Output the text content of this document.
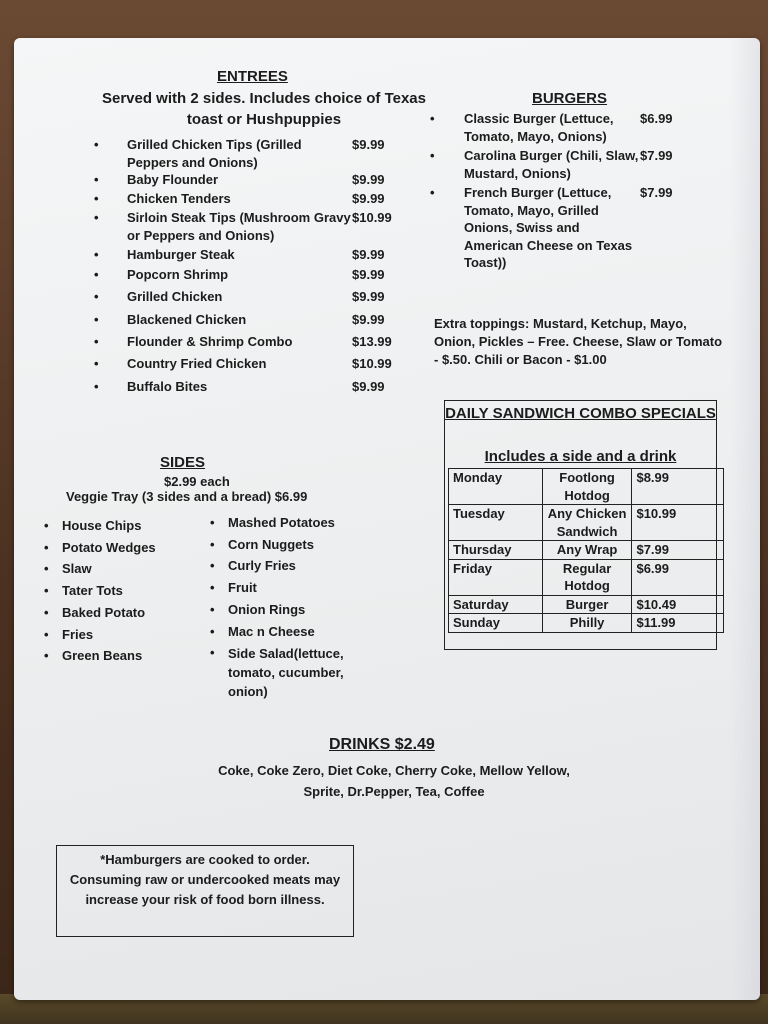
ENTREES
Served with 2 sides. Includes choice of Texas toast or Hushpuppies
•	Grilled Chicken Tips (Grilled Peppers and Onions)
$9.99
•	Baby Flounder	$9.99
•	Chicken Tenders	$9.99
•	Sirloin Steak Tips (Mushroom Gravy or Peppers and Onions)
$10.99
•	Hamburger Steak	$9.99
•	Popcorn Shrimp	$9.99
•	Grilled Chicken	$9.99
•	Blackened Chicken	$9.99
•	Flounder & Shrimp Combo	$13.99
•	Country Fried Chicken	$10.99
•	Buffalo Bites	$9.99
BURGERS
•	Classic Burger (Lettuce, Tomato, Mayo, Onions)
$6.99
•	Carolina Burger (Chili, Slaw, Mustard, Onions)
$7.99
•	French Burger (Lettuce, Tomato, Mayo, Grilled Onions, Swiss and American Cheese on Texas Toast))
$7.99
Extra toppings: Mustard, Ketchup, Mayo, Onion, Pickles – Free. Cheese, Slaw or Tomato - $.50. Chili or Bacon - $1.00
DAILY SANDWICH COMBO SPECIALS
Includes a side and a drink
Monday	Footlong Hotdog	$8.99
Tuesday	Any Chicken Sandwich	$10.99
Thursday	Any Wrap	$7.99
Friday	Regular Hotdog	$6.99
Saturday	Burger	$10.49
Sunday	Philly	$11.99
SIDES
$2.99 each
Veggie Tray (3 sides and a bread) $6.99
•	House Chips
•	Potato Wedges
•	Slaw
•	Tater Tots
•	Baked Potato
•	Fries
•	Green Beans
•	Mashed Potatoes
•	Corn Nuggets
•	Curly Fries
•	Fruit
•	Onion Rings
•	Mac n Cheese
•	Side Salad(lettuce, tomato, cucumber, onion)
DRINKS $2.49
Coke, Coke Zero, Diet Coke, Cherry Coke, Mellow Yellow,
Sprite, Dr.Pepper, Tea, Coffee
*Hamburgers are cooked to order. Consuming raw or undercooked meats may increase your risk of food born illness.
